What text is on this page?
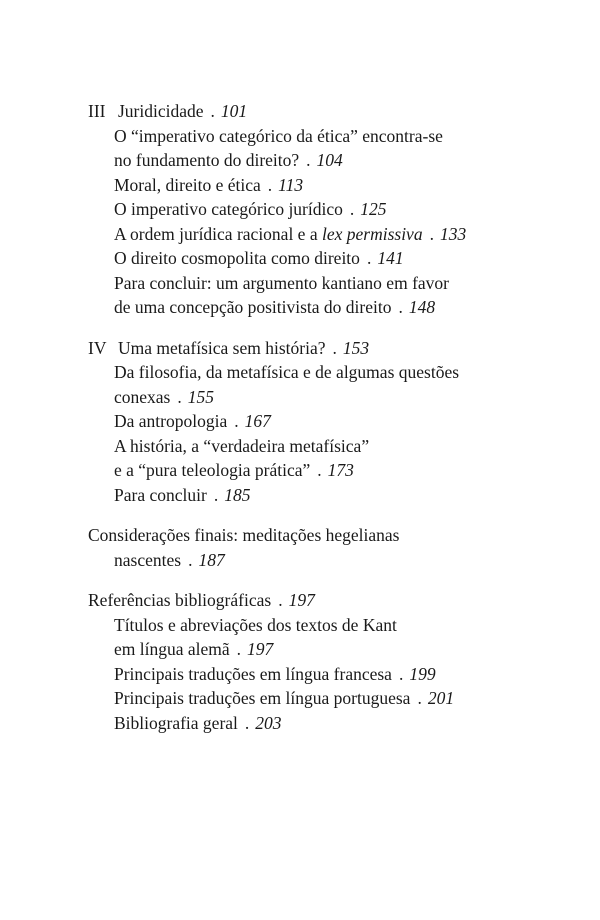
III Juridicidade . 101
O “imperativo categórico da ética” encontra-se
no fundamento do direito? . 104
Moral, direito e ética . 113
O imperativo categórico jurídico . 125
A ordem jurídica racional e a lex permissiva . 133
O direito cosmopolita como direito . 141
Para concluir: um argumento kantiano em favor
de uma concepção positivista do direito . 148
IV Uma metafísica sem história? . 153
Da filosofia, da metafísica e de algumas questões
conexas . 155
Da antropologia . 167
A história, a “verdadeira metafísica”
e a “pura teleologia prática” . 173
Para concluir . 185
Considerações finais: meditações hegelianas
nascentes . 187
Referências bibliográficas . 197
Títulos e abreviações dos textos de Kant
em língua alemã . 197
Principais traduções em língua francesa . 199
Principais traduções em língua portuguesa . 201
Bibliografia geral . 203
